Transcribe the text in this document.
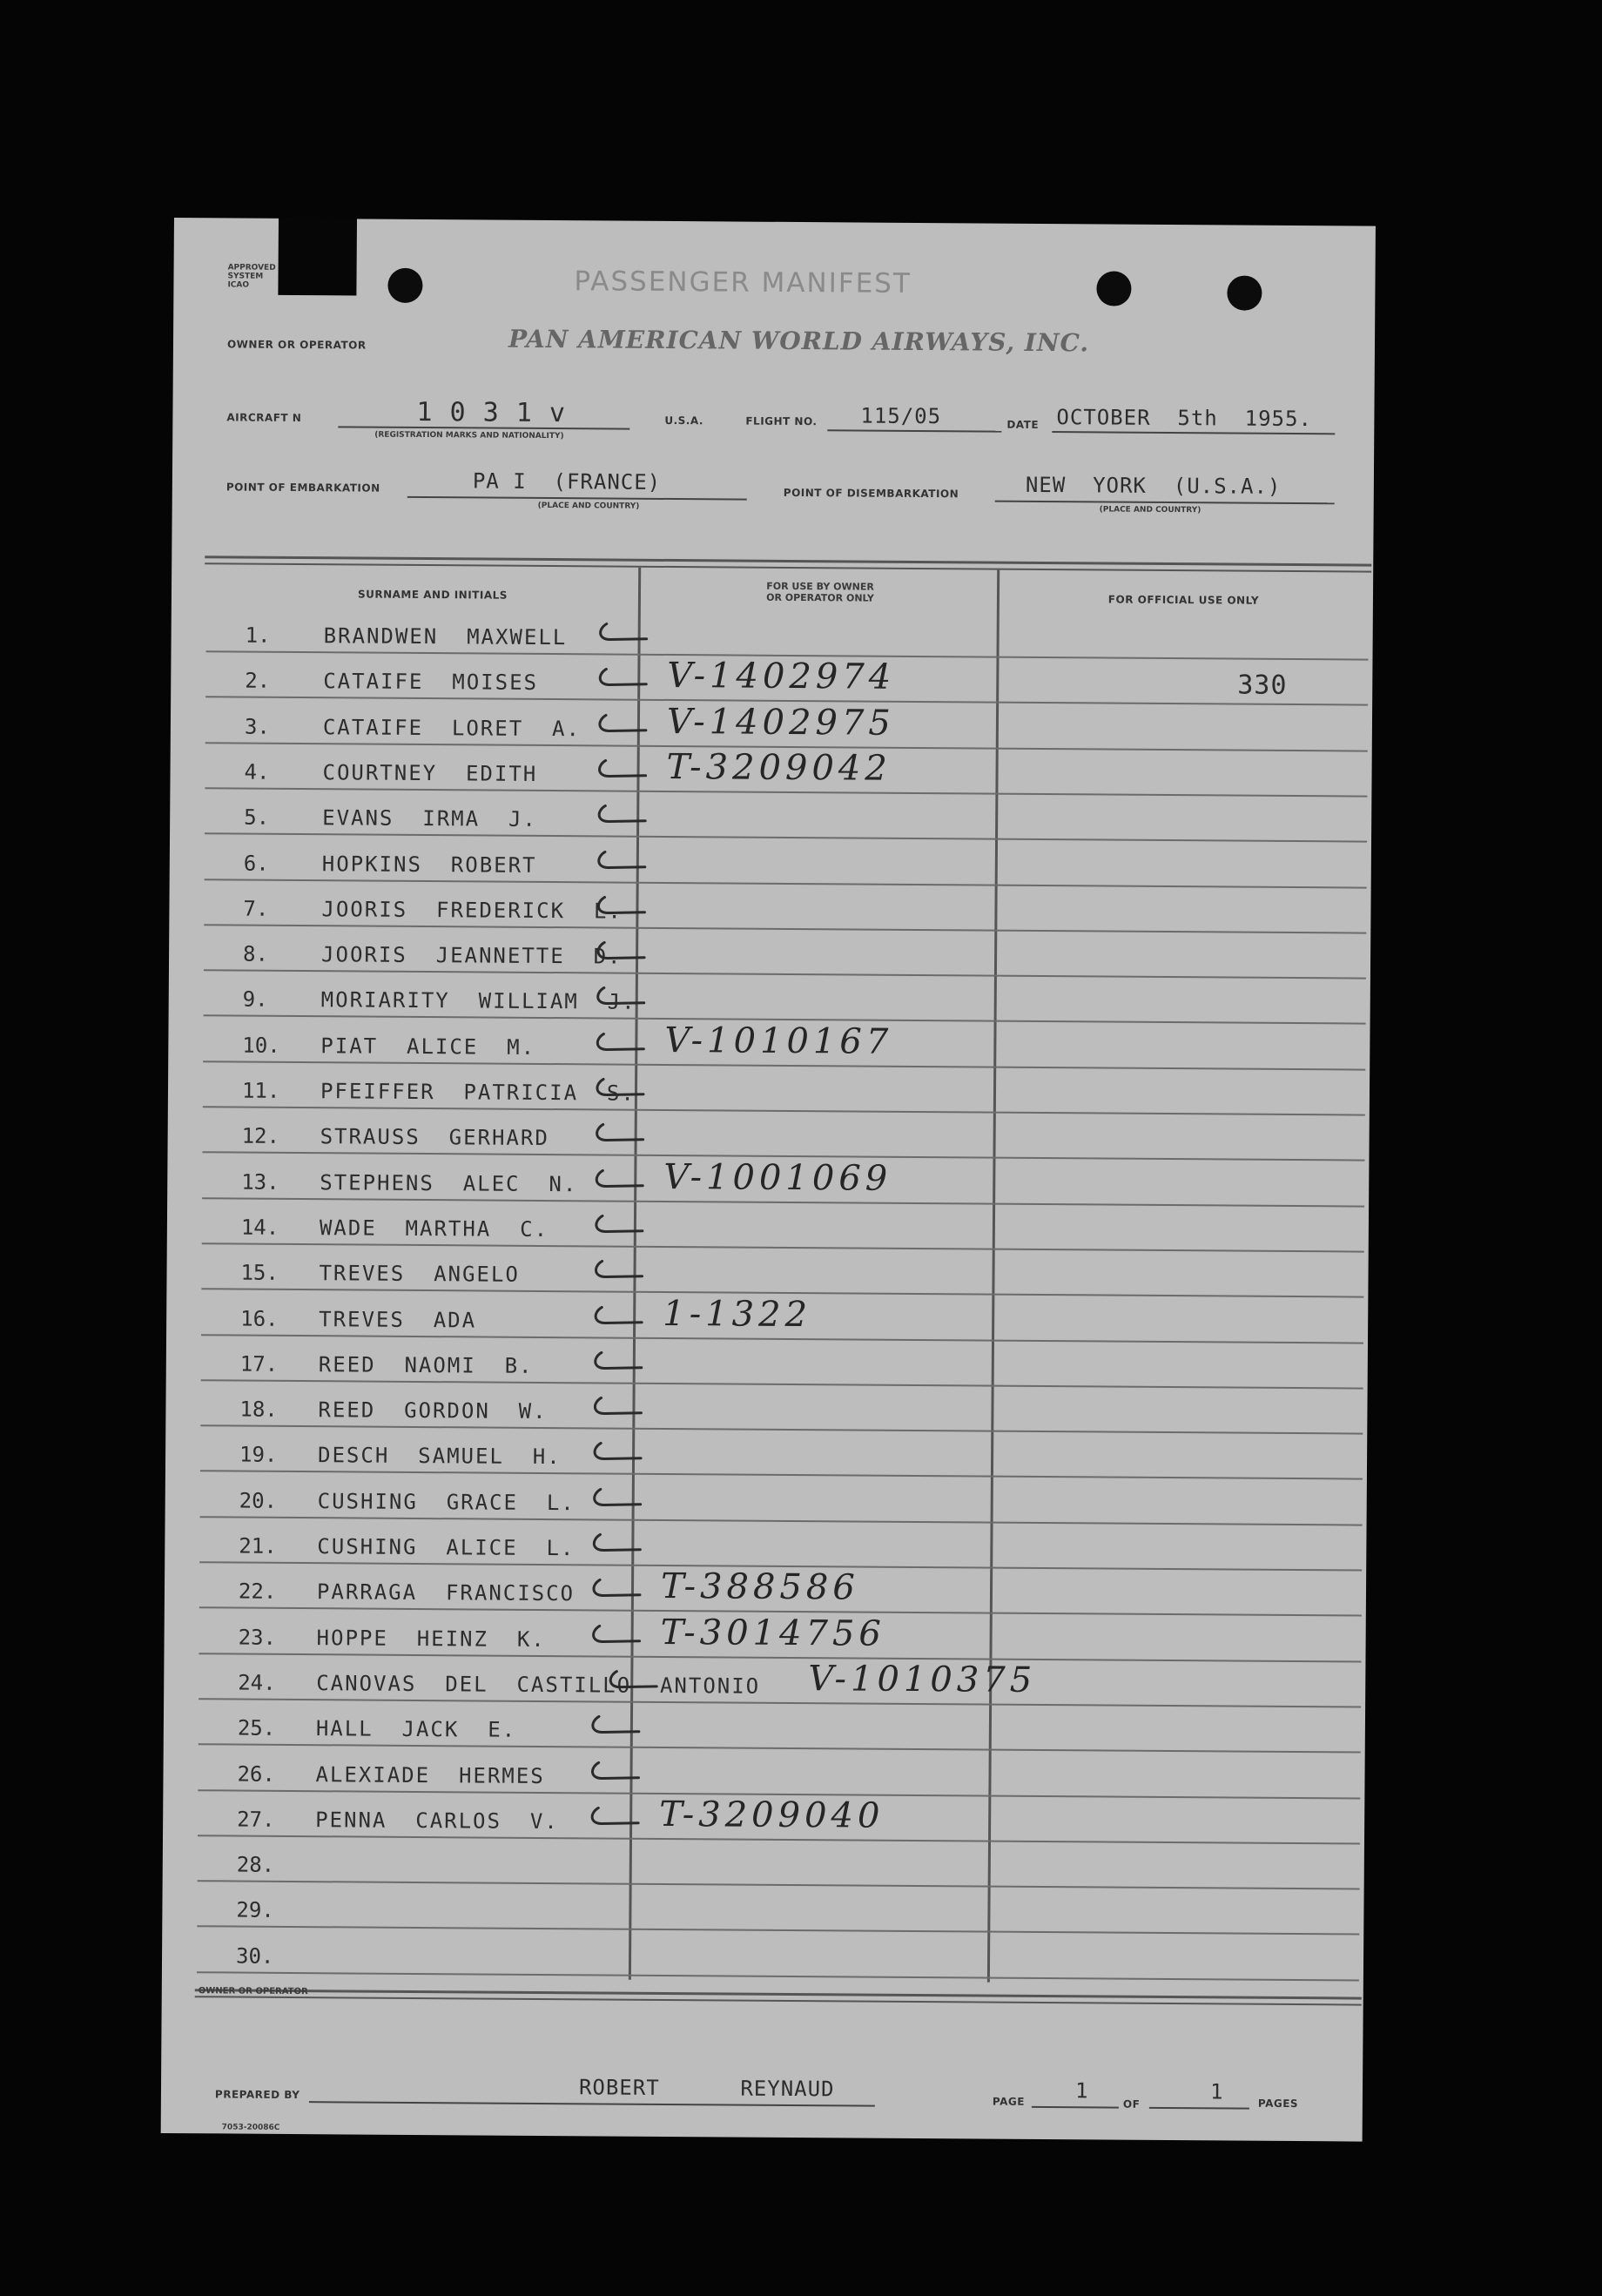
APPROVED SYSTEM ICAO	PASSENGER MANIFEST
OWNER OR OPERATOR	PAN AMERICAN WORLD AIRWAYS, INC.
AIRCRAFT N	1 0 3 1 v
(REGISTRATION MARKS AND NATIONALITY)
U.S.A.	FLIGHT NO. 115/05	DATE OCTOBER  5th  1955.
POINT OF EMBARKATION	PA I  (FRANCE)
(PLACE AND COUNTRY)
POINT OF DISEMBARKATION	NEW  YORK  (U.S.A.)
(PLACE AND COUNTRY)
SURNAME AND INITIALS
FOR USE BY OWNER
OR OPERATOR ONLY	FOR OFFICIAL USE ONLY
1.	BRANDWEN  MAXWELL
2.	CATAIFE  MOISES	V-1402974	330
3.	CATAIFE  LORET  A. V-1402975
4.	COURTNEY  EDITH	T-3209042
5.	EVANS  IRMA  J.
6.	HOPKINS  ROBERT
7.	JOORIS  FREDERICK  L.
8.	JOORIS  JEANNETTE  D.
9.	MORIARITY  WILLIAM  J.
10. PIAT  ALICE  M.	V-1010167
11. PFEIFFER  PATRICIA  S.
12. STRAUSS  GERHARD
13. STEPHENS  ALEC  N. V-1001069
14. WADE  MARTHA  C.
15. TREVES  ANGELO
16. TREVES  ADA	1-1322
17. REED  NAOMI  B.
18. REED  GORDON  W.
19. DESCH  SAMUEL  H.
20. CUSHING  GRACE  L.
21. CUSHING  ALICE  L.
22. PARRAGA  FRANCISCO T-388586
23. HOPPE  HEINZ  K.	T-3014756
24. CANOVAS  DEL  CASTILLO  ANTONIO V-1010375
25. HALL  JACK  E.
26. ALEXIADE  HERMES
27. PENNA  CARLOS  V.	T-3209040
28.
29.
30.
OWNER OR OPERATOR
PREPARED BY	ROBERT      REYNAUD
PAGE 1
OF
1	PAGES
7053-20086C
